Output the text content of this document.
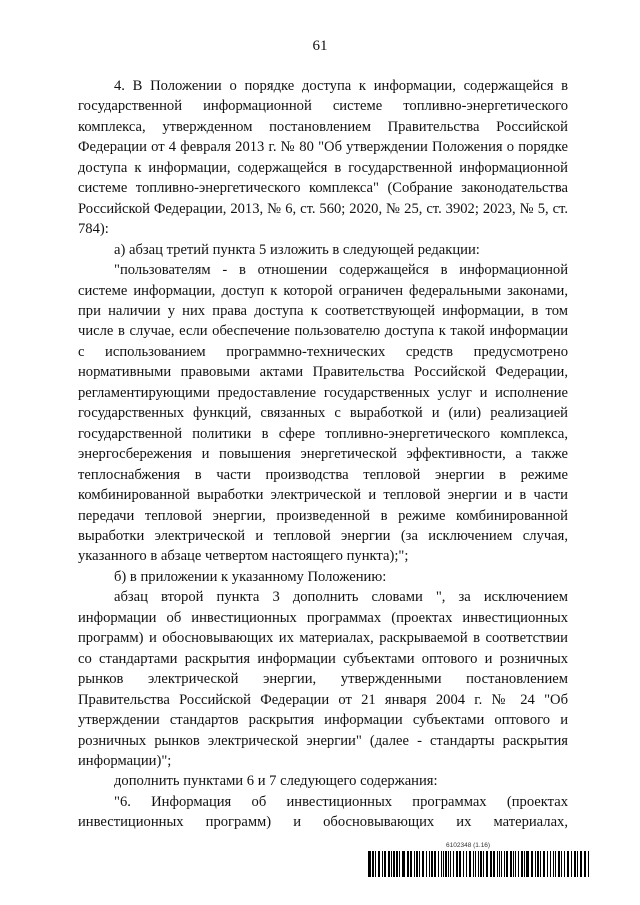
61

4. В Положении о порядке доступа к информации, содержащейся в государственной информационной системе топливно-энергетического комплекса, утвержденном постановлением Правительства Российской Федерации от 4 февраля 2013 г. № 80 "Об утверждении Положения о порядке доступа к информации, содержащейся в государственной информационной системе топливно-энергетического комплекса" (Собрание законодательства Российской Федерации, 2013, № 6, ст. 560; 2020, № 25, ст. 3902; 2023, № 5, ст. 784):

а) абзац третий пункта 5 изложить в следующей редакции:

"пользователям - в отношении содержащейся в информационной системе информации, доступ к которой ограничен федеральными законами, при наличии у них права доступа к соответствующей информации, в том числе в случае, если обеспечение пользователю доступа к такой информации с использованием программно-технических средств предусмотрено нормативными правовыми актами Правительства Российской Федерации, регламентирующими предоставление государственных услуг и исполнение государственных функций, связанных с выработкой и (или) реализацией государственной политики в сфере топливно-энергетического комплекса, энергосбережения и повышения энергетической эффективности, а также теплоснабжения в части производства тепловой энергии в режиме комбинированной выработки электрической и тепловой энергии и в части передачи тепловой энергии, произведенной в режиме комбинированной выработки электрической и тепловой энергии (за исключением случая, указанного в абзаце четвертом настоящего пункта);";

б) в приложении к указанному Положению:

абзац второй пункта 3 дополнить словами ", за исключением информации об инвестиционных программах (проектах инвестиционных программ) и обосновывающих их материалах, раскрываемой в соответствии со стандартами раскрытия информации субъектами оптового и розничных рынков электрической энергии, утвержденными постановлением Правительства Российской Федерации от 21 января 2004 г. № 24 "Об утверждении стандартов раскрытия информации субъектами оптового и розничных рынков электрической энергии" (далее - стандарты раскрытия информации)";

дополнить пунктами 6 и 7 следующего содержания:

"6. Информация об инвестиционных программах (проектах инвестиционных программ) и обосновывающих их материалах,

6102348 (1.16)
